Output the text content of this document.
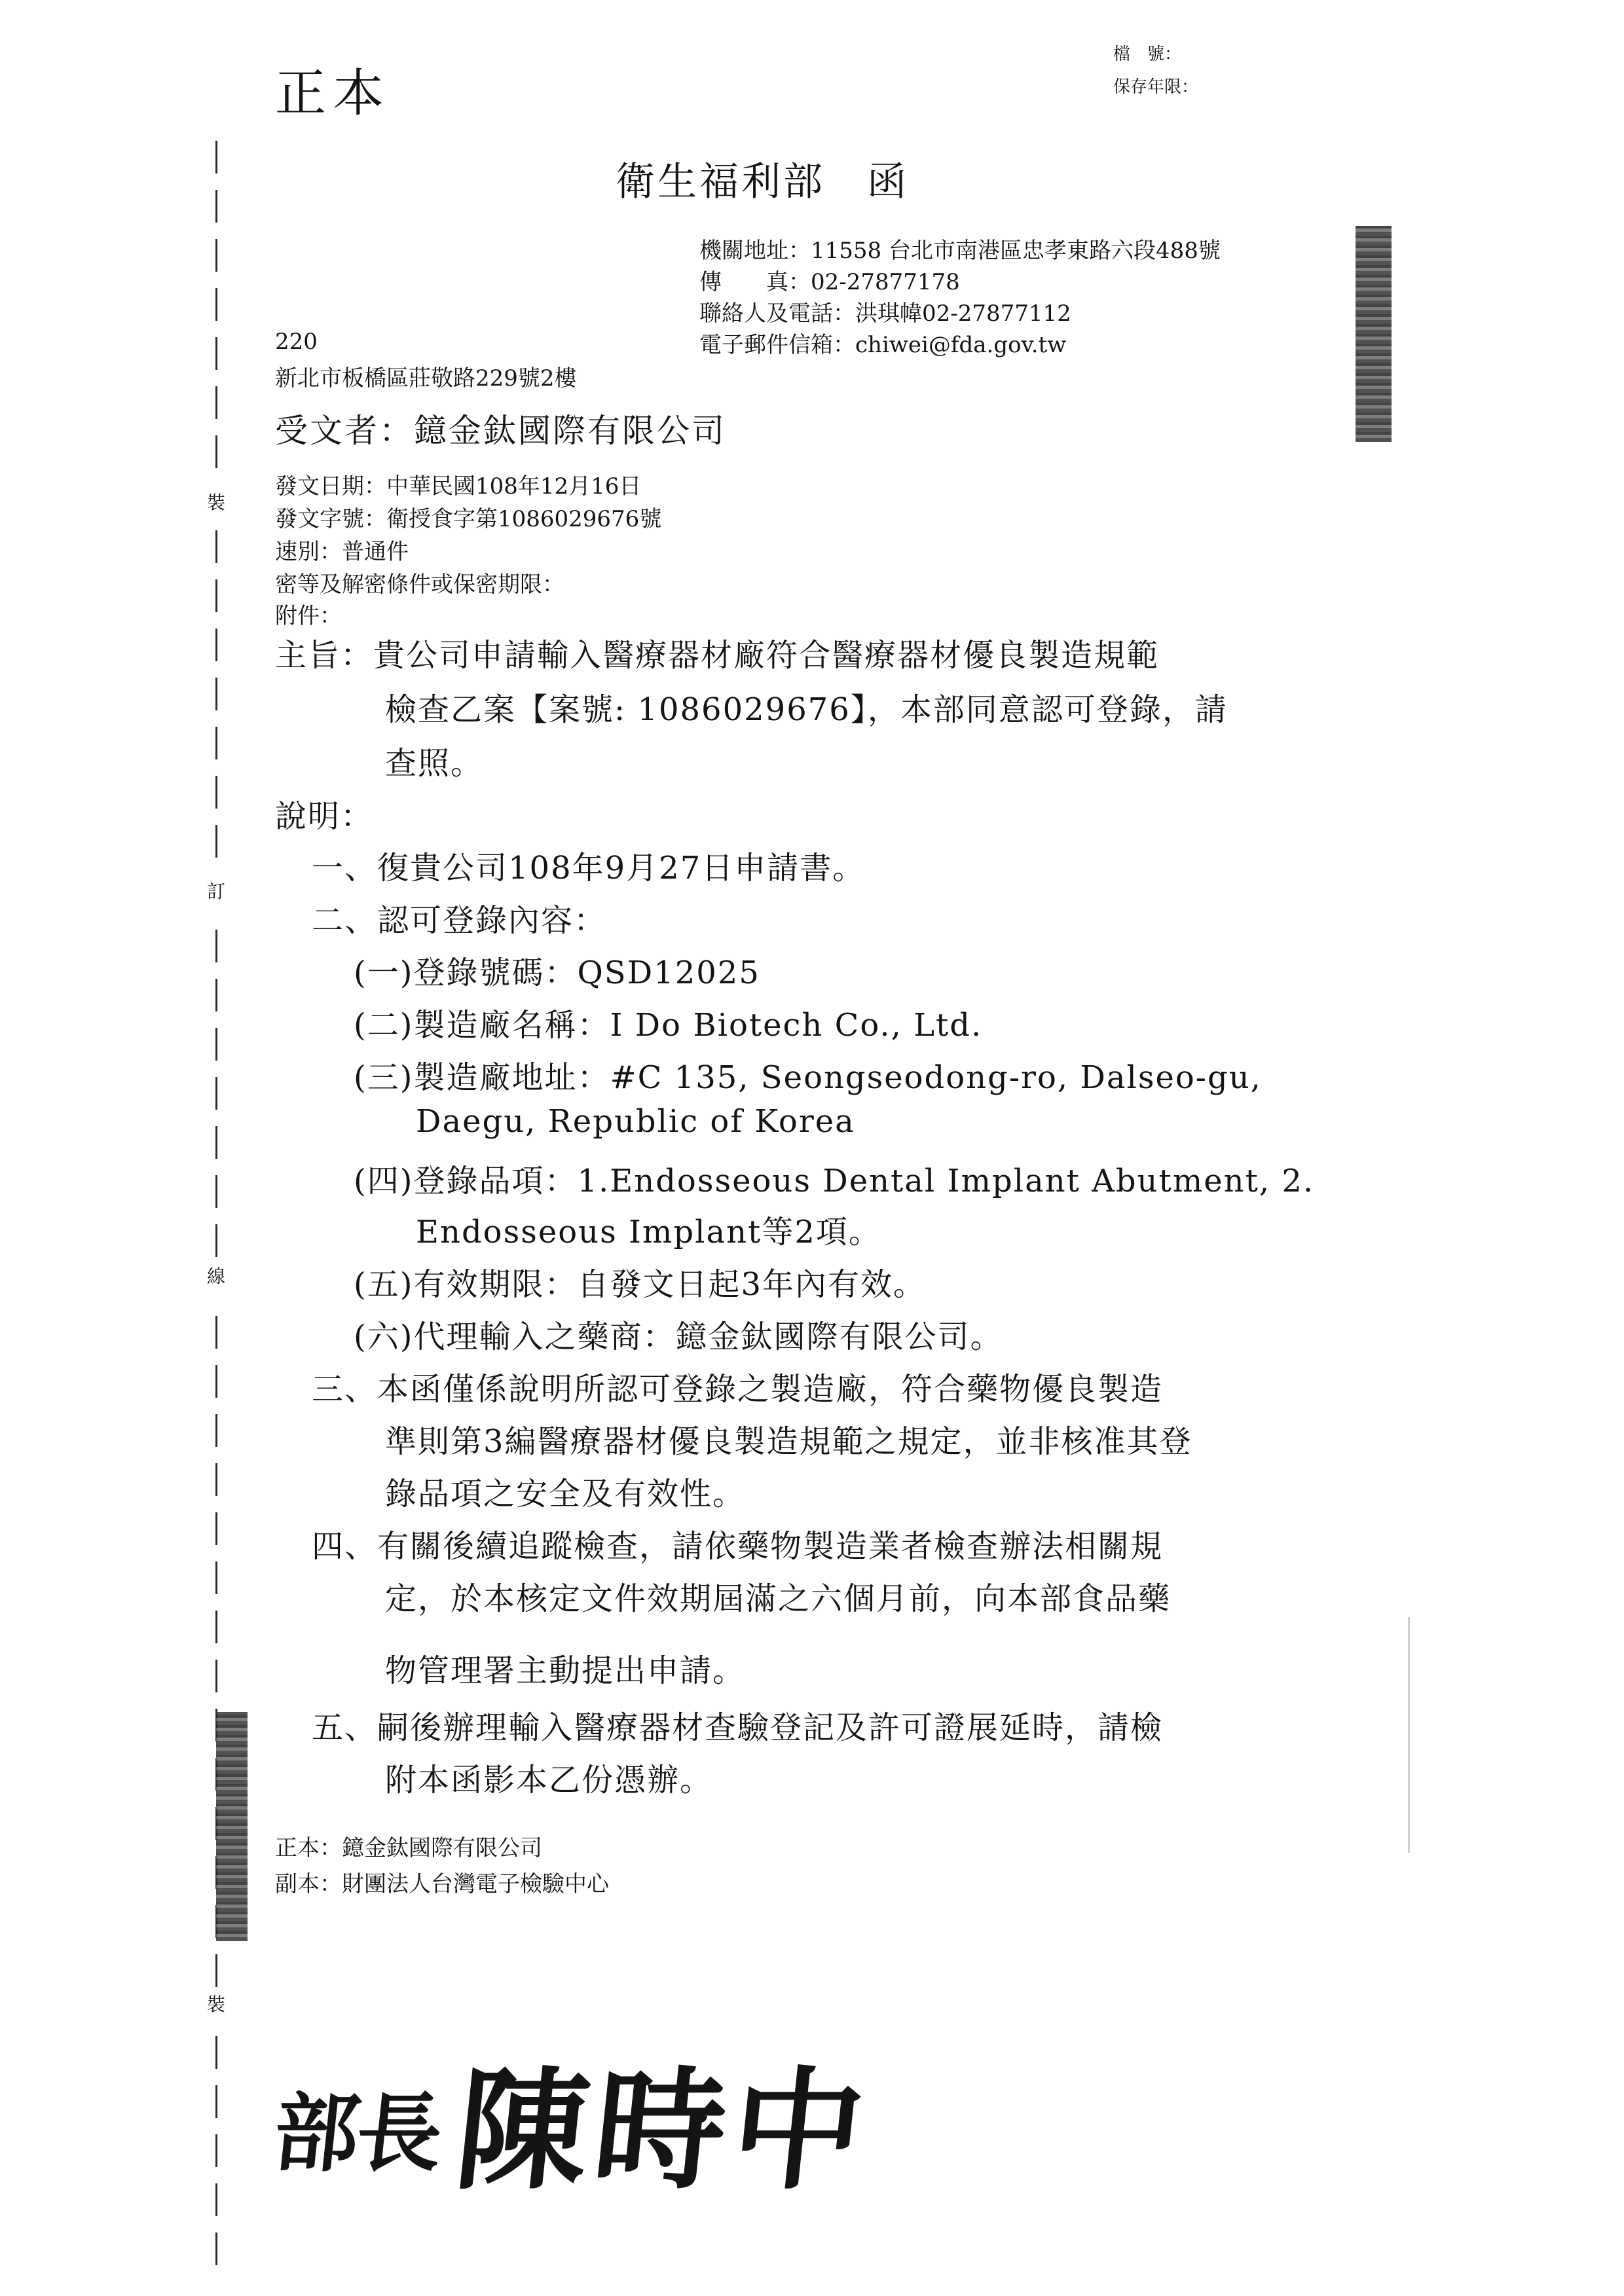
裝
訂
線
裝
正本
檔　號：
保存年限：
衛生福利部　函
機關地址：11558 台北市南港區忠孝東路六段488號
傳　　真：02-27877178
聯絡人及電話：洪琪幃02-27877112
電子郵件信箱：chiwei@fda.gov.tw
220
新北市板橋區莊敬路229號2樓
受文者：鐿金鈦國際有限公司
發文日期：中華民國108年12月16日
發文字號：衛授食字第1086029676號
速別：普通件
密等及解密條件或保密期限：
附件：
主旨：貴公司申請輸入醫療器材廠符合醫療器材優良製造規範
檢查乙案【案號: 1086029676】，本部同意認可登錄，請
查照。
說明：
一、復貴公司108年9月27日申請書。
二、認可登錄內容：
(一)登錄號碼：QSD12025
(二)製造廠名稱：I Do Biotech Co., Ltd.
(三)製造廠地址：#C 135, Seongseodong-ro, Dalseo-gu,
Daegu, Republic of Korea
(四)登錄品項：1.Endosseous Dental Implant Abutment, 2.
Endosseous Implant等2項。
(五)有效期限：自發文日起3年內有效。
(六)代理輸入之藥商：鐿金鈦國際有限公司。
三、本函僅係說明所認可登錄之製造廠，符合藥物優良製造
準則第3編醫療器材優良製造規範之規定，並非核准其登
錄品項之安全及有效性。
四、有關後續追蹤檢查，請依藥物製造業者檢查辦法相關規
定，於本核定文件效期屆滿之六個月前，向本部食品藥
物管理署主動提出申請。
五、嗣後辦理輸入醫療器材查驗登記及許可證展延時，請檢
附本函影本乙份憑辦。
正本：鐿金鈦國際有限公司
副本：財團法人台灣電子檢驗中心
部長 陳時中
